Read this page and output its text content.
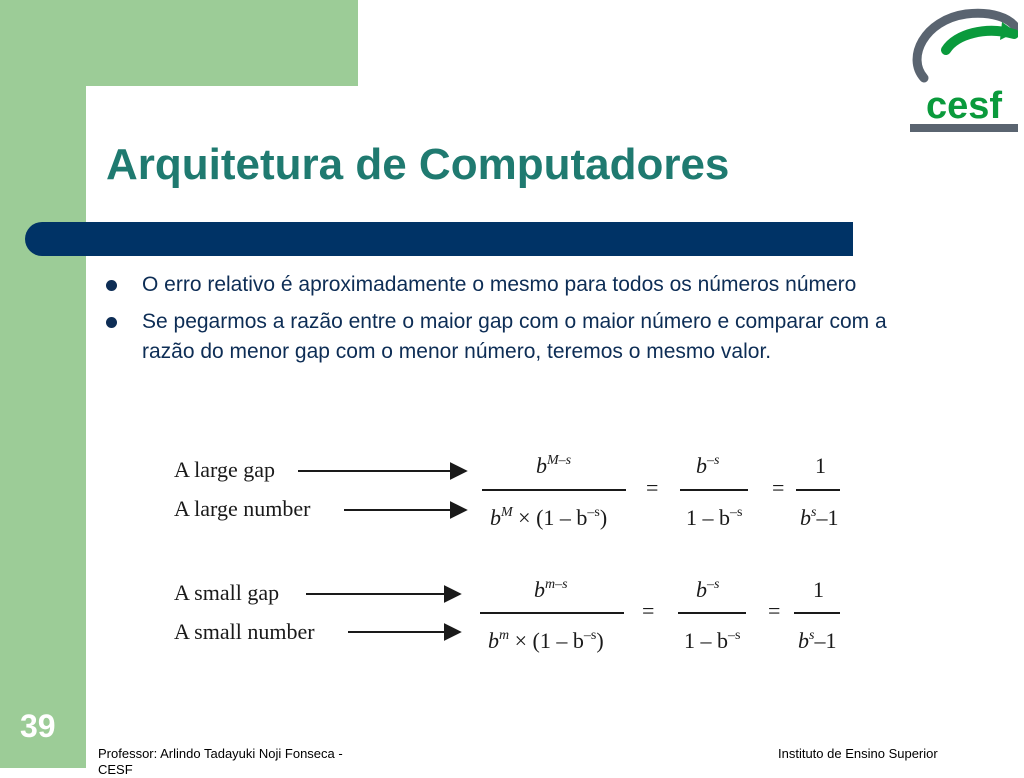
cesf
Arquitetura de Computadores
O erro relativo é aproximadamente o mesmo para todos os números número
Se pegarmos a razão entre o maior gap com o maior número e comparar com a razão do menor gap com o menor número, teremos o mesmo valor.
A large gap
A large number
$b^{M-s}$
$b^M \times (1 - b^{-s})$
=
$b^{-s}$
$1 - b^{-s}$
=
1
$b^s-1$
A small gap
A small number
$b^{m-s}$
$b^m \times (1 - b^{-s})$
=
$b^{-s}$
$1 - b^{-s}$
=
1
$b^s-1$
39
Professor: Arlindo Tadayuki Noji Fonseca - CESF
Instituto de Ensino Superior
